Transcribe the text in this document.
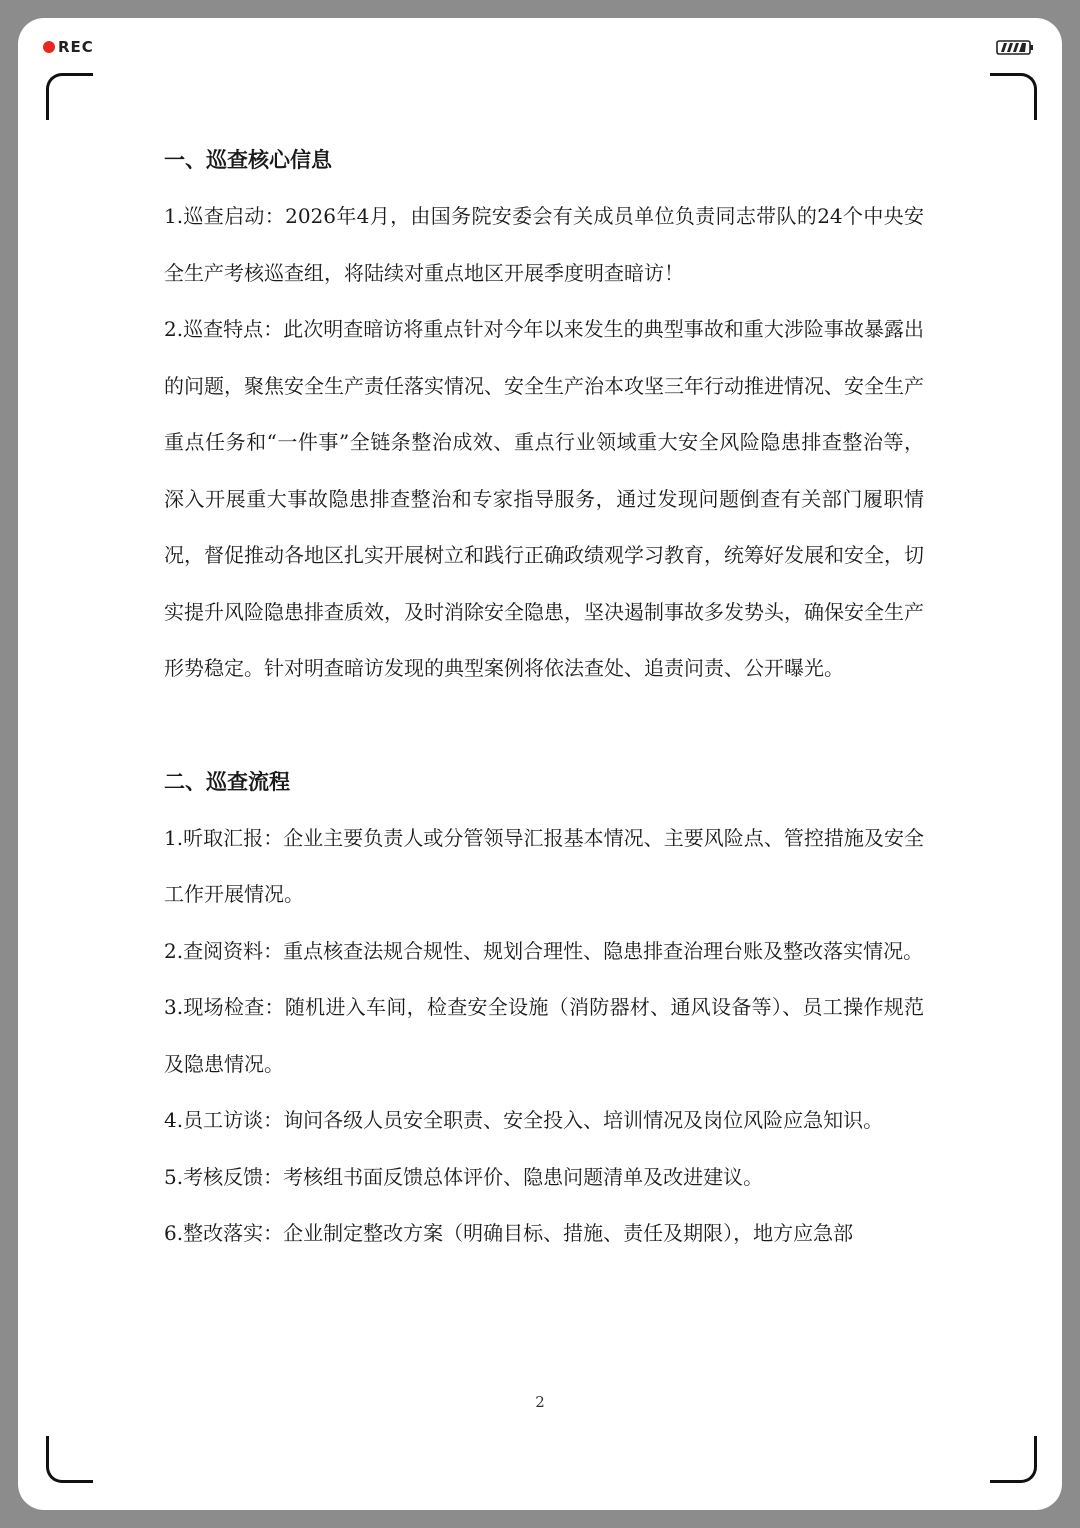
REC
一、巡查核心信息

1.巡查启动：2026年4月，由国务院安委会有关成员单位负责同志带队的24个中央安全生产考核巡查组，将陆续对重点地区开展季度明查暗访！

2.巡查特点：此次明查暗访将重点针对今年以来发生的典型事故和重大涉险事故暴露出的问题，聚焦安全生产责任落实情况、安全生产治本攻坚三年行动推进情况、安全生产重点任务和“一件事”全链条整治成效、重点行业领域重大安全风险隐患排查整治等，深入开展重大事故隐患排查整治和专家指导服务，通过发现问题倒查有关部门履职情况，督促推动各地区扎实开展树立和践行正确政绩观学习教育，统筹好发展和安全，切实提升风险隐患排查质效，及时消除安全隐患，坚决遏制事故多发势头，确保安全生产形势稳定。针对明查暗访发现的典型案例将依法查处、追责问责、公开曝光。

二、巡查流程

1.听取汇报：企业主要负责人或分管领导汇报基本情况、主要风险点、管控措施及安全工作开展情况。

2.查阅资料：重点核查法规合规性、规划合理性、隐患排查治理台账及整改落实情况。

3.现场检查：随机进入车间，检查安全设施（消防器材、通风设备等）、员工操作规范及隐患情况。

4.员工访谈：询问各级人员安全职责、安全投入、培训情况及岗位风险应急知识。

5.考核反馈：考核组书面反馈总体评价、隐患问题清单及改进建议。

6.整改落实：企业制定整改方案（明确目标、措施、责任及期限），地方应急部

2
